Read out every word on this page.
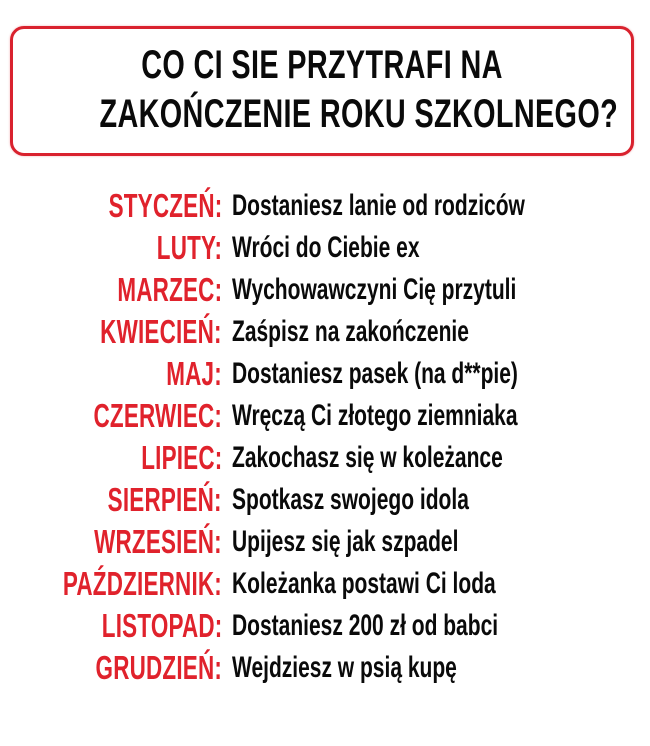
CO CI SIE PRZYTRAFI NA
ZAKOŃCZENIE ROKU SZKOLNEGO?
STYCZEŃ: Dostaniesz lanie od rodziców
LUTY: Wróci do Ciebie ex
MARZEC: Wychowawczyni Cię przytuli
KWIECIEŃ: Zaśpisz na zakończenie
MAJ: Dostaniesz pasek (na d**pie)
CZERWIEC: Wręczą Ci złotego ziemniaka
LIPIEC: Zakochasz się w koleżance
SIERPIEŃ: Spotkasz swojego idola
WRZESIEŃ: Upijesz się jak szpadel
PAŹDZIERNIK: Koleżanka postawi Ci loda
LISTOPAD: Dostaniesz 200 zł od babci
GRUDZIEŃ: Wejdziesz w psią kupę
